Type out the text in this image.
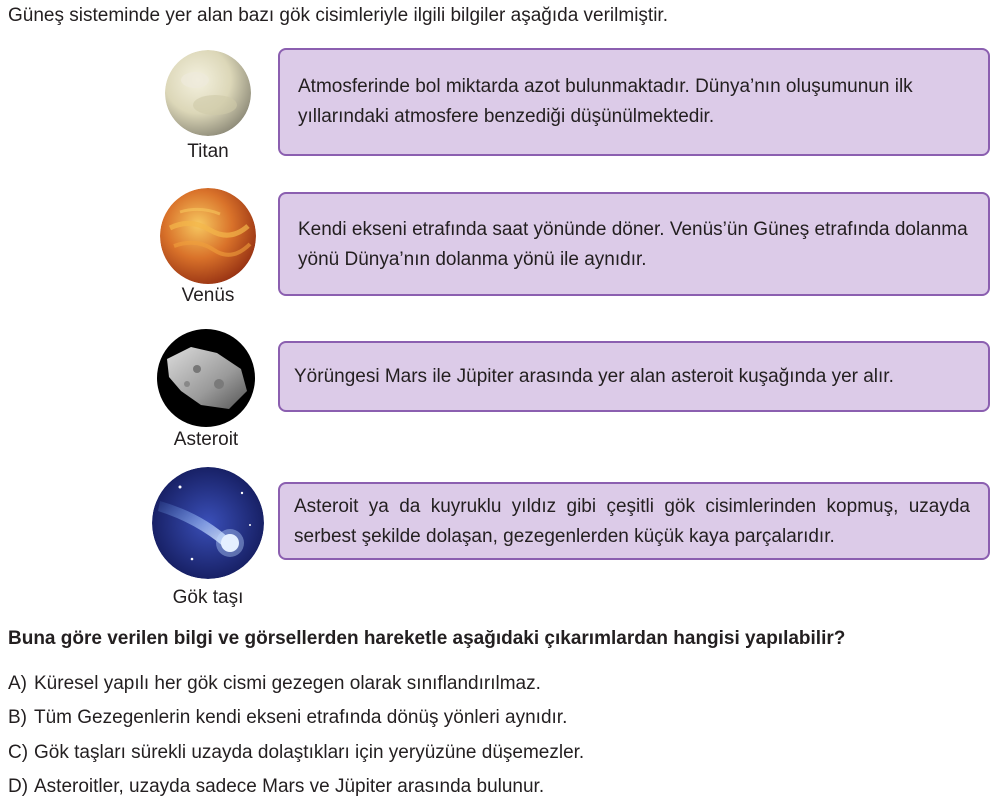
Güneş sisteminde yer alan bazı gök cisimleriyle ilgili bilgiler aşağıda verilmiştir.
Titan
Atmosferinde bol miktarda azot bulunmaktadır. Dünya’nın oluşumunun ilk yıllarındaki atmosfere benzediği düşünülmektedir.
Venüs
Kendi ekseni etrafında saat yönünde döner. Venüs’ün Güneş etrafında dolanma yönü Dünya’nın dolanma yönü ile aynıdır.
Asteroit
Yörüngesi Mars ile Jüpiter arasında yer alan asteroit kuşağında yer alır.
Gök taşı
Asteroit ya da kuyruklu yıldız gibi çeşitli gök cisimlerinden kopmuş, uzayda serbest şekilde dolaşan, gezegenlerden küçük kaya parçalarıdır.
Buna göre verilen bilgi ve görsellerden hareketle aşağıdaki çıkarımlardan hangisi yapılabilir?
A) Küresel yapılı her gök cismi gezegen olarak sınıflandırılmaz.
B) Tüm Gezegenlerin kendi ekseni etrafında dönüş yönleri aynıdır.
C) Gök taşları sürekli uzayda dolaştıkları için yeryüzüne düşemezler.
D) Asteroitler, uzayda sadece Mars ve Jüpiter arasında bulunur.
